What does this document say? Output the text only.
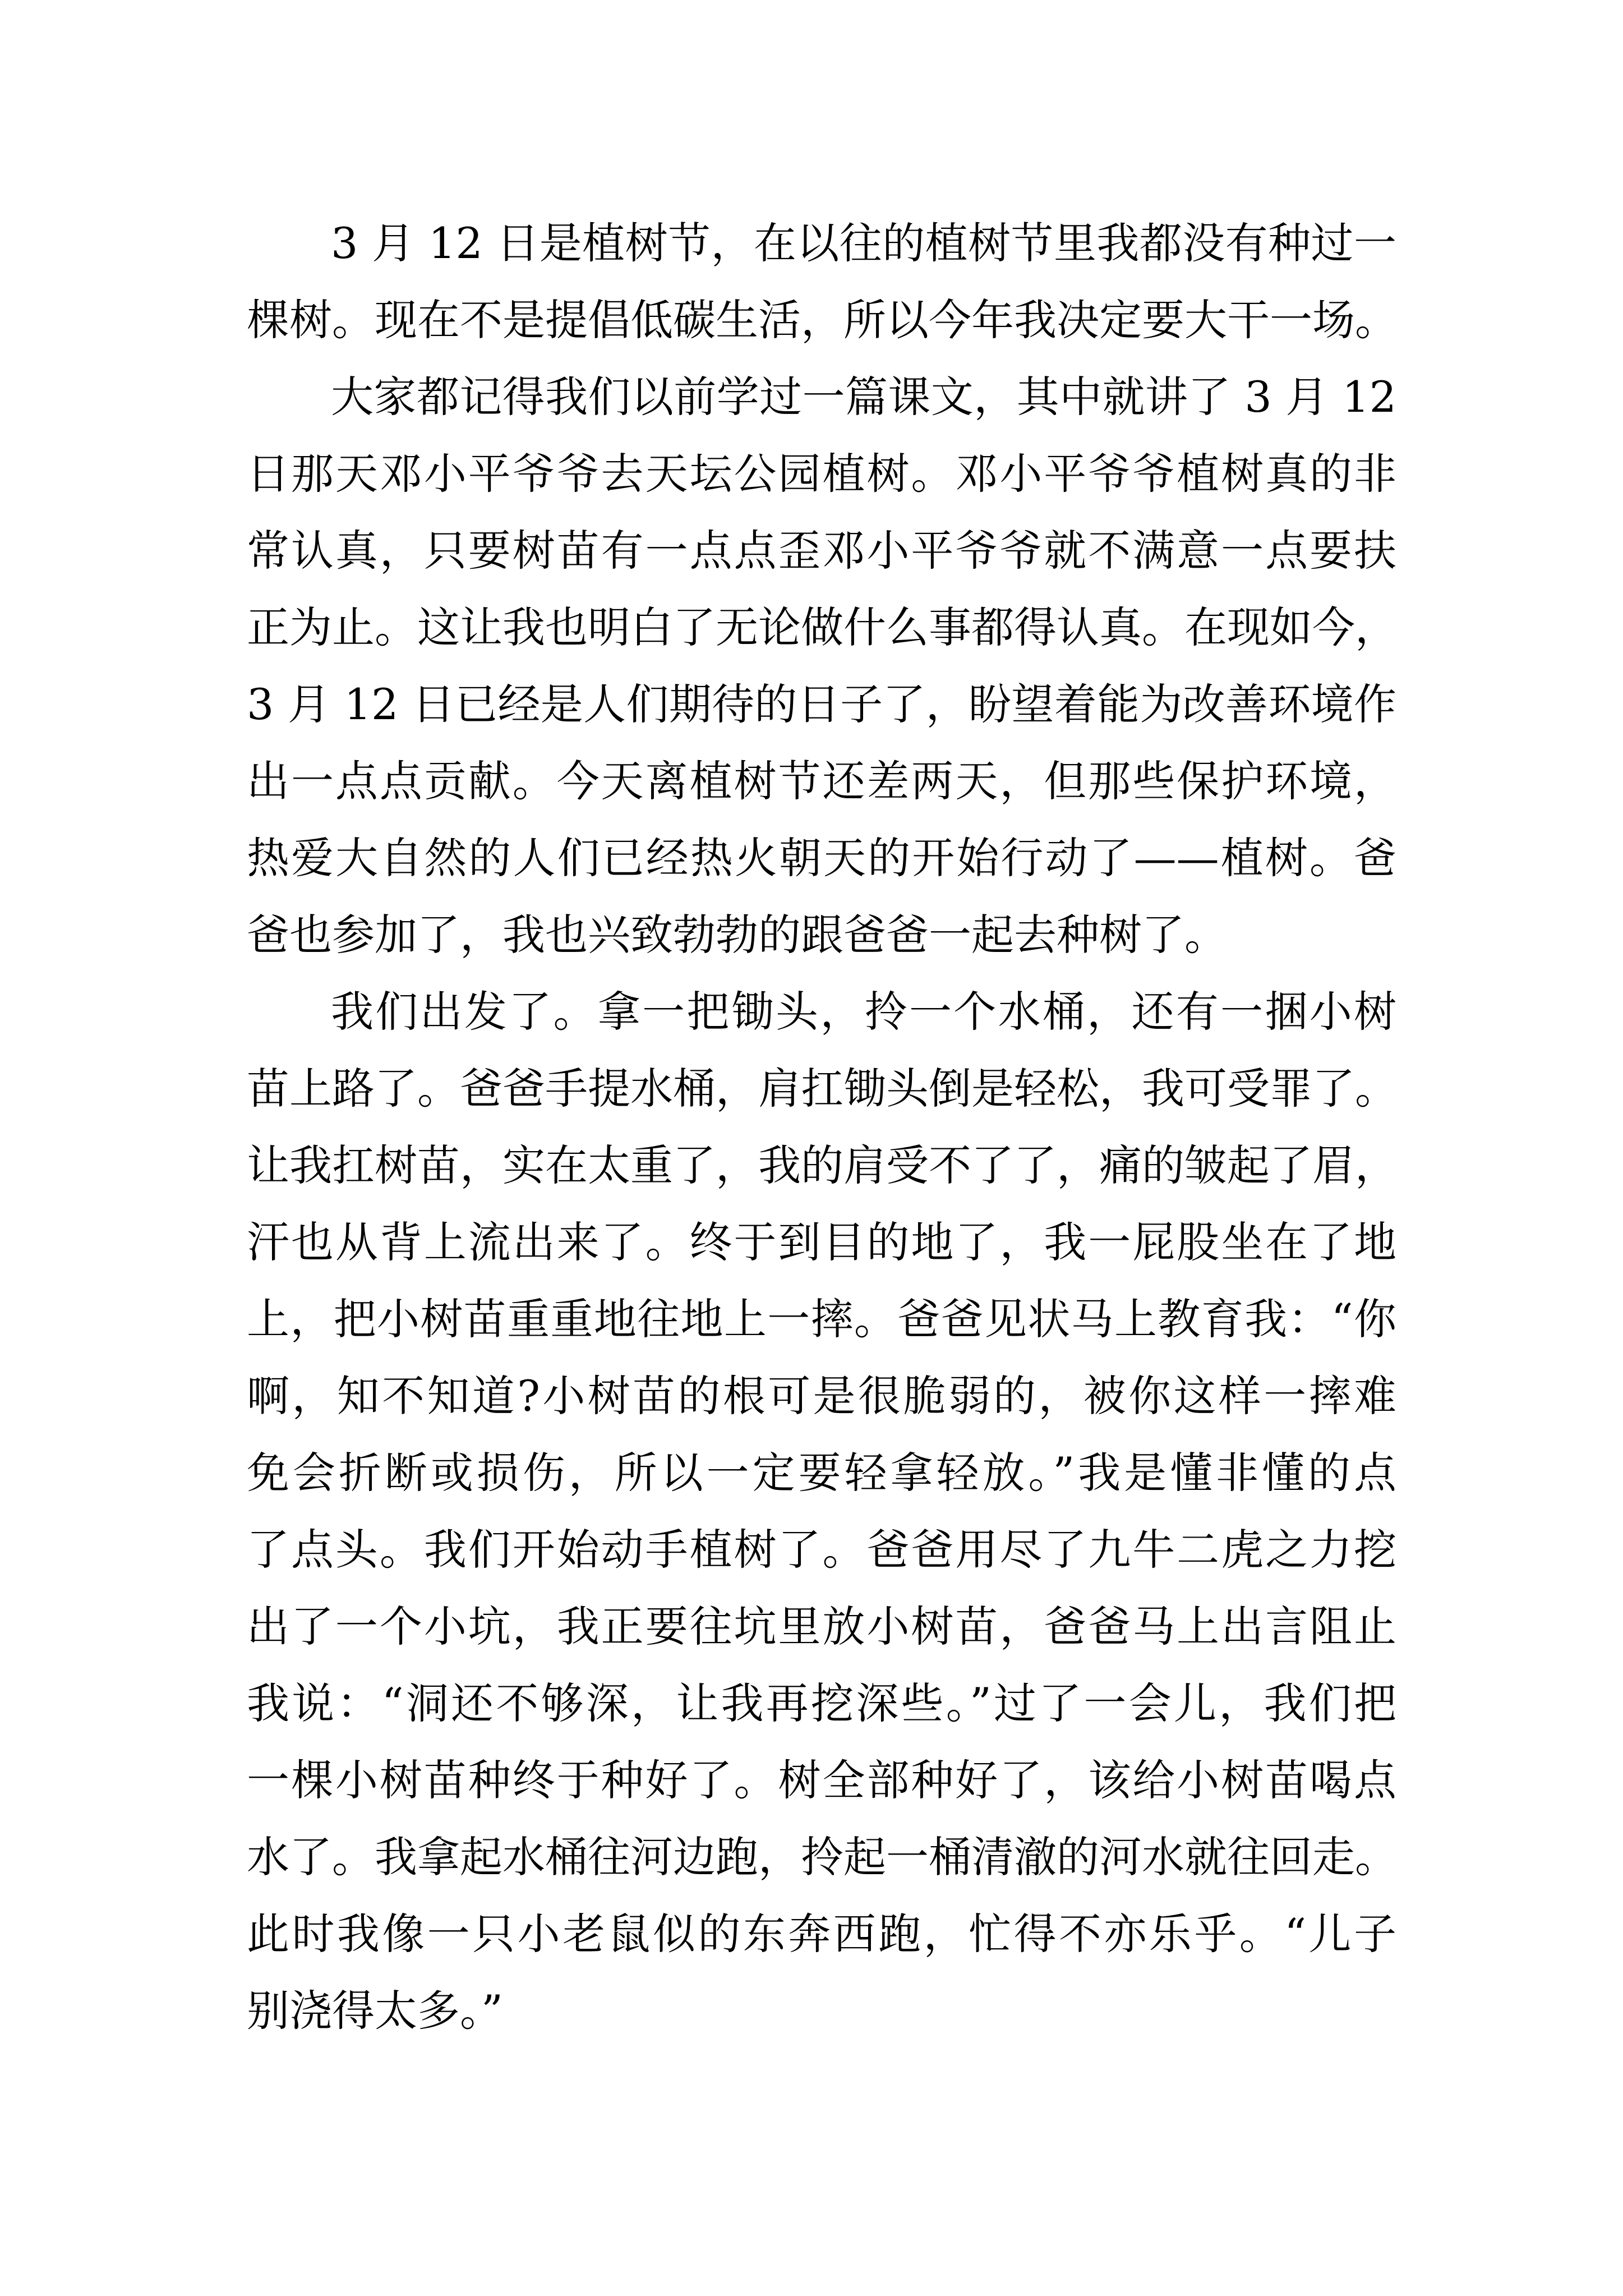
3 月 12 日是植树节，在以往的植树节里我都没有种过一
棵树。现在不是提倡低碳生活，所以今年我决定要大干一场。
大家都记得我们以前学过一篇课文，其中就讲了 3 月 12
日那天邓小平爷爷去天坛公园植树。邓小平爷爷植树真的非
常认真，只要树苗有一点点歪邓小平爷爷就不满意一点要扶
正为止。这让我也明白了无论做什么事都得认真。在现如今，
3 月 12 日已经是人们期待的日子了，盼望着能为改善环境作
出一点点贡献。今天离植树节还差两天，但那些保护环境，
热爱大自然的人们已经热火朝天的开始行动了——植树。爸
爸也参加了，我也兴致勃勃的跟爸爸一起去种树了。
我们出发了。拿一把锄头，拎一个水桶，还有一捆小树
苗上路了。爸爸手提水桶，肩扛锄头倒是轻松，我可受罪了。
让我扛树苗，实在太重了，我的肩受不了了，痛的皱起了眉，
汗也从背上流出来了。终于到目的地了，我一屁股坐在了地
上，把小树苗重重地往地上一摔。爸爸见状马上教育我：“你
啊，知不知道?小树苗的根可是很脆弱的，被你这样一摔难
免会折断或损伤，所以一定要轻拿轻放。”我是懂非懂的点
了点头。我们开始动手植树了。爸爸用尽了九牛二虎之力挖
出了一个小坑，我正要往坑里放小树苗，爸爸马上出言阻止
我说：“洞还不够深，让我再挖深些。”过了一会儿，我们把
一棵小树苗种终于种好了。树全部种好了，该给小树苗喝点
水了。我拿起水桶往河边跑，拎起一桶清澈的河水就往回走。
此时我像一只小老鼠似的东奔西跑，忙得不亦乐乎。“儿子
别浇得太多。”
